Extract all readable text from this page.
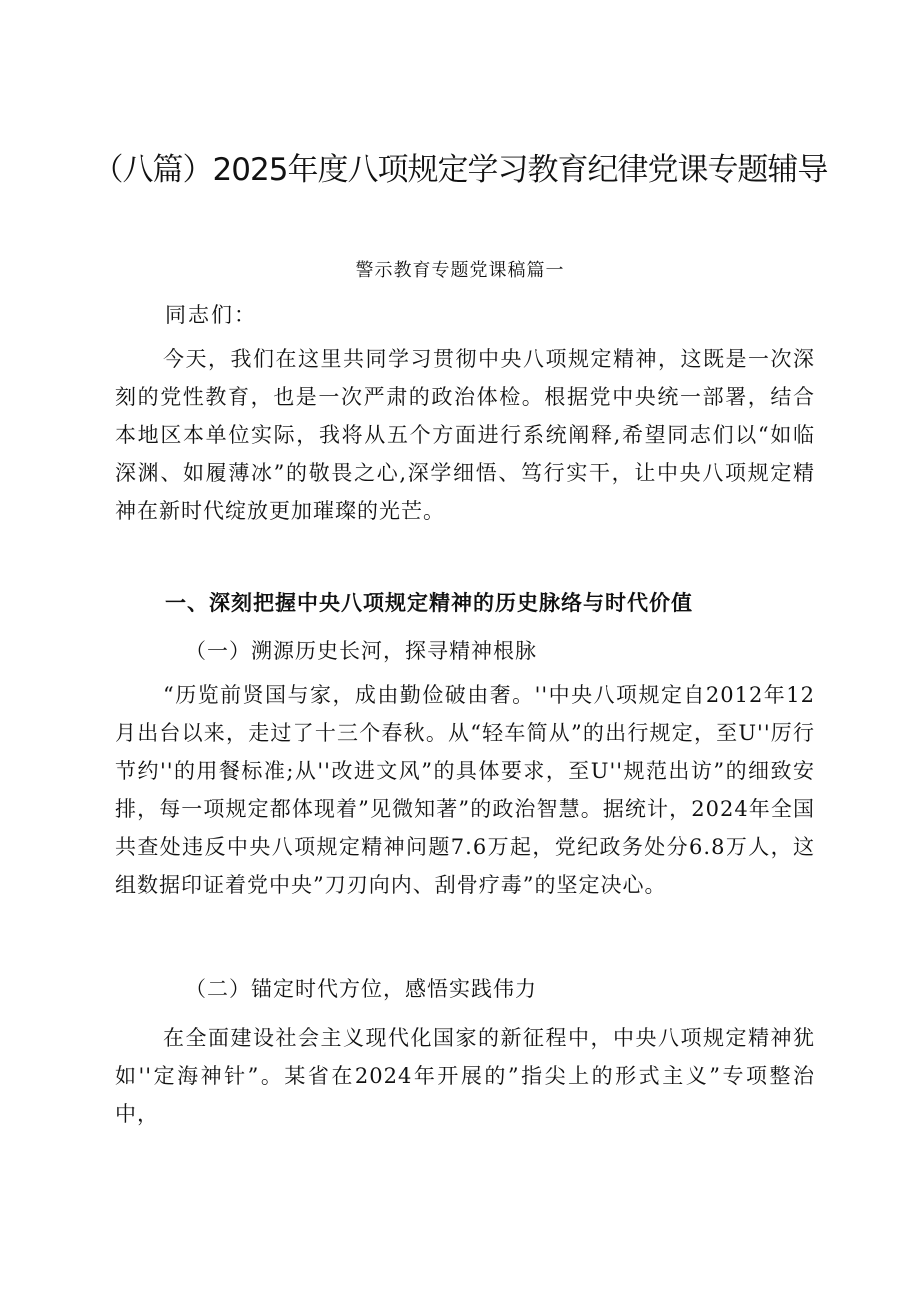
（八篇）2025年度八项规定学习教育纪律党课专题辅导
警示教育专题党课稿篇一
同志们：
今天，我们在这里共同学习贯彻中央八项规定精神，这既是一次深刻的党性教育，也是一次严肃的政治体检。根据党中央统一部署，结合本地区本单位实际，我将从五个方面进行系统阐释,希望同志们以“如临深渊、如履薄冰”的敬畏之心,深学细悟、笃行实干，让中央八项规定精神在新时代绽放更加璀璨的光芒。
一、深刻把握中央八项规定精神的历史脉络与时代价值
（一）溯源历史长河，探寻精神根脉
“历览前贤国与家，成由勤俭破由奢。''中央八项规定自2012年12月出台以来，走过了十三个春秋。从“轻车简从”的出行规定，至U''厉行节约''的用餐标准;从''改进文风”的具体要求，至U''规范出访”的细致安排，每一项规定都体现着”见微知著”的政治智慧。据统计，2024年全国共查处违反中央八项规定精神问题7.6万起，党纪政务处分6.8万人，这组数据印证着党中央”刀刃向内、刮骨疗毒”的坚定决心。
（二）锚定时代方位，感悟实践伟力
在全面建设社会主义现代化国家的新征程中，中央八项规定精神犹如''定海神针”。某省在2024年开展的”指尖上的形式主义”专项整治中，
